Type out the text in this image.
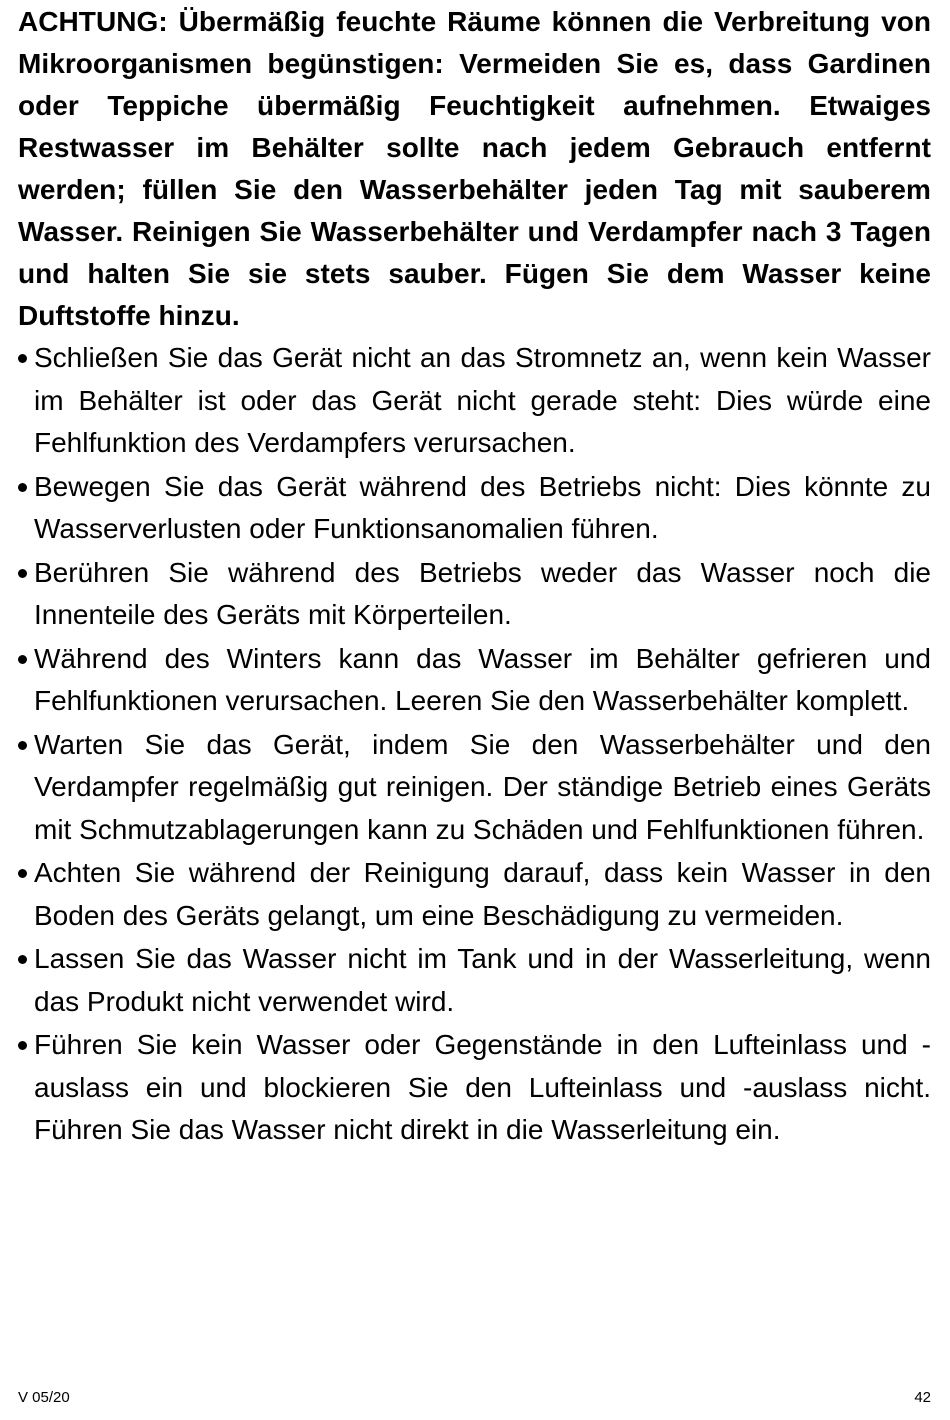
ACHTUNG: Übermäßig feuchte Räume können die Verbreitung von Mikroorganismen begünstigen: Vermeiden Sie es, dass Gardinen oder Teppiche übermäßig Feuchtigkeit aufnehmen. Etwaiges Restwasser im Behälter sollte nach jedem Gebrauch entfernt werden; füllen Sie den Wasserbehälter jeden Tag mit sauberem Wasser. Reinigen Sie Wasserbehälter und Verdampfer nach 3 Tagen und halten Sie sie stets sauber. Fügen Sie dem Wasser keine Duftstoffe hinzu.

Schließen Sie das Gerät nicht an das Stromnetz an, wenn kein Wasser im Behälter ist oder das Gerät nicht gerade steht: Dies würde eine Fehlfunktion des Verdampfers verursachen.
Bewegen Sie das Gerät während des Betriebs nicht: Dies könnte zu Wasserverlusten oder Funktionsanomalien führen.
Berühren Sie während des Betriebs weder das Wasser noch die Innenteile des Geräts mit Körperteilen.
Während des Winters kann das Wasser im Behälter gefrieren und Fehlfunktionen verursachen. Leeren Sie den Wasserbehälter komplett.
Warten Sie das Gerät, indem Sie den Wasserbehälter und den Verdampfer regelmäßig gut reinigen. Der ständige Betrieb eines Geräts mit Schmutzablagerungen kann zu Schäden und Fehlfunktionen führen.
Achten Sie während der Reinigung darauf, dass kein Wasser in den Boden des Geräts gelangt, um eine Beschädigung zu vermeiden.
Lassen Sie das Wasser nicht im Tank und in der Wasserleitung, wenn das Produkt nicht verwendet wird.
Führen Sie kein Wasser oder Gegenstände in den Lufteinlass und -auslass ein und blockieren Sie den Lufteinlass und -auslass nicht. Führen Sie das Wasser nicht direkt in die Wasserleitung ein.
V 05/20	42
